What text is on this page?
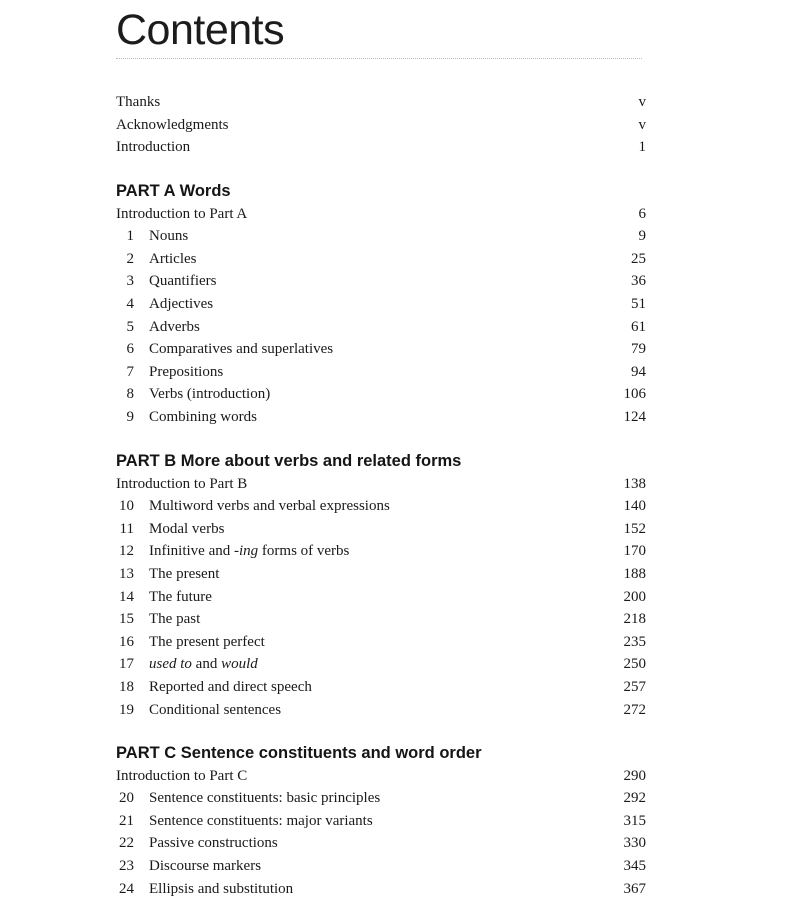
Contents
Thanks	v
Acknowledgments	v
Introduction	1
PART A Words
Introduction to Part A	6
1 Nouns	9
2 Articles	25
3 Quantifiers	36
4 Adjectives	51
5 Adverbs	61
6 Comparatives and superlatives	79
7 Prepositions	94
8 Verbs (introduction)	106
9 Combining words	124
PART B More about verbs and related forms
Introduction to Part B	138
10 Multiword verbs and verbal expressions	140
11 Modal verbs	152
12 Infinitive and -ing forms of verbs	170
13 The present	188
14 The future	200
15 The past	218
16 The present perfect	235
17 used to and would	250
18 Reported and direct speech	257
19 Conditional sentences	272
PART C Sentence constituents and word order
Introduction to Part C	290
20 Sentence constituents: basic principles	292
21 Sentence constituents: major variants	315
22 Passive constructions	330
23 Discourse markers	345
24 Ellipsis and substitution	367
